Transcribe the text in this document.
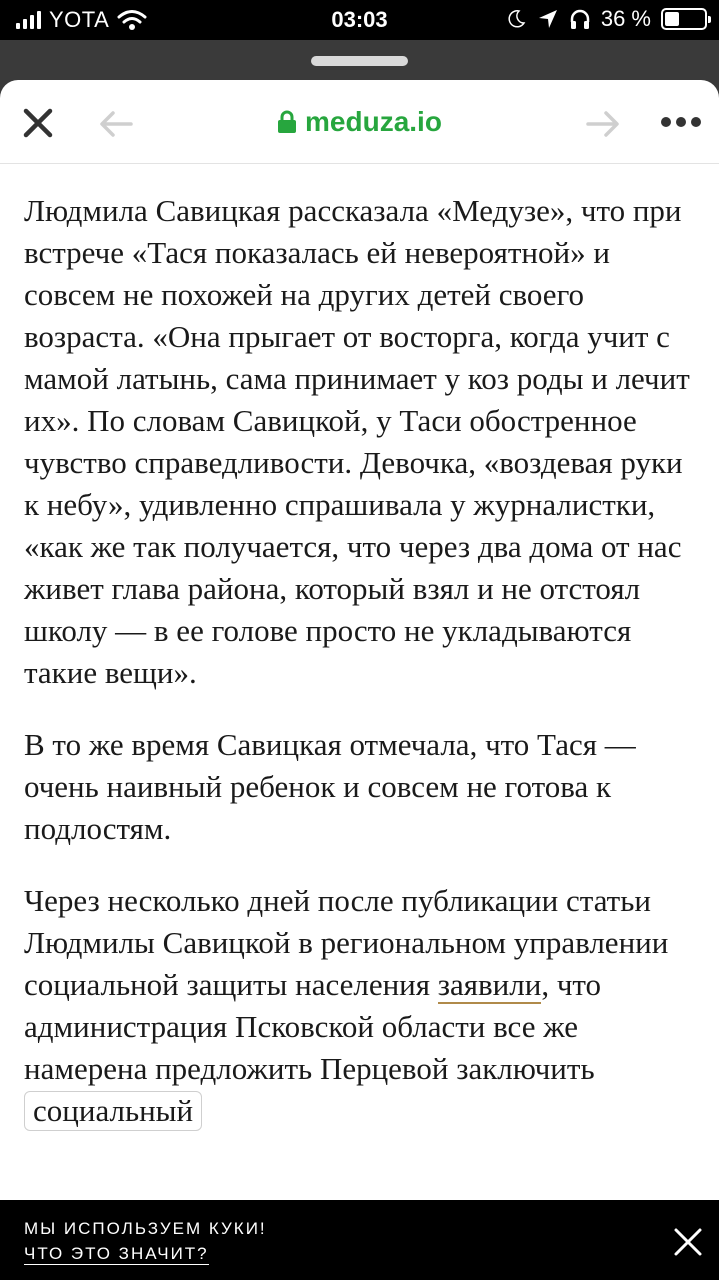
YOTA	03:03	36 %
meduza.io

Людмила Савицкая рассказала «Медузе», что при встрече «Тася показалась ей невероятной» и совсем не похожей на других детей своего возраста. «Она прыгает от восторга, когда учит с мамой латынь, сама принимает у коз роды и лечит их». По словам Савицкой, у Таси обостренное чувство справедливости. Девочка, «воздевая руки к небу», удивленно спрашивала у журналистки, «как же так получается, что через два дома от нас живет глава района, который взял и не отстоял школу — в ее голове просто не укладываются такие вещи».

В то же время Савицкая отмечала, что Тася — очень наивный ребенок и совсем не готова к подлостям.

Через несколько дней после публикации статьи Людмилы Савицкой в региональном управлении социальной защиты населения заявили, что администрация Псковской области все же намерена предложить Перцевой заключить социальный

МЫ ИСПОЛЬЗУЕМ КУКИ!
ЧТО ЭТО ЗНАЧИТ?
